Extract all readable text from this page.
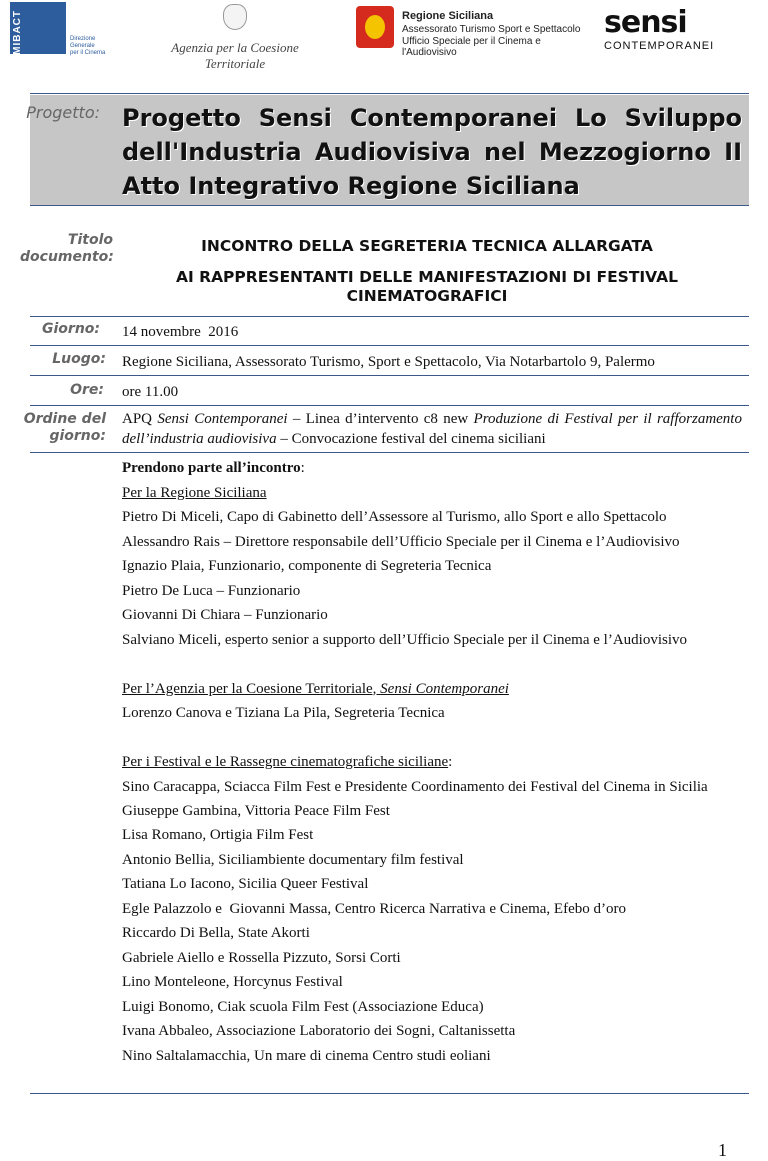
MIBACT	Direzione Generale
per il Cinema	Agenzia per la Coesione Territoriale
Regione Siciliana
Assessorato Turismo Sport e Spettacolo
Ufficio Speciale per il Cinema e l'Audiovisivo
sensi
CONTEMPORANEI
Progetto: Progetto Sensi Contemporanei Lo Sviluppo dell'Industria Audiovisiva nel Mezzogiorno II Atto Integrativo Regione Siciliana
Titolo documento:
INCONTRO DELLA SEGRETERIA TECNICA ALLARGATA
AI RAPPRESENTANTI DELLE MANIFESTAZIONI DI FESTIVAL CINEMATOGRAFICI
Giorno: 14 novembre  2016
Luogo: Regione Siciliana, Assessorato Turismo, Sport e Spettacolo, Via Notarbartolo 9, Palermo
Ore: ore 11.00
Ordine del giorno:
APQ Sensi Contemporanei – Linea d’intervento c8 new Produzione di Festival per il rafforzamento dell’industria audiovisiva – Convocazione festival del cinema siciliani
Prendono parte all’incontro:
Per la Regione Siciliana
Pietro Di Miceli, Capo di Gabinetto dell’Assessore al Turismo, allo Sport e allo Spettacolo
Alessandro Rais – Direttore responsabile dell’Ufficio Speciale per il Cinema e l’Audiovisivo
Ignazio Plaia, Funzionario, componente di Segreteria Tecnica
Pietro De Luca – Funzionario
Giovanni Di Chiara – Funzionario
Salviano Miceli, esperto senior a supporto dell’Ufficio Speciale per il Cinema e l’Audiovisivo
Per l’Agenzia per la Coesione Territoriale, Sensi Contemporanei
Lorenzo Canova e Tiziana La Pila, Segreteria Tecnica
Per i Festival e le Rassegne cinematografiche siciliane:
Sino Caracappa, Sciacca Film Fest e Presidente Coordinamento dei Festival del Cinema in Sicilia
Giuseppe Gambina, Vittoria Peace Film Fest
Lisa Romano, Ortigia Film Fest
Antonio Bellia, Siciliambiente documentary film festival
Tatiana Lo Iacono, Sicilia Queer Festival
Egle Palazzolo e  Giovanni Massa, Centro Ricerca Narrativa e Cinema, Efebo d’oro
Riccardo Di Bella, State Akorti
Gabriele Aiello e Rossella Pizzuto, Sorsi Corti
Lino Monteleone, Horcynus Festival
Luigi Bonomo, Ciak scuola Film Fest (Associazione Educa)
Ivana Abbaleo, Associazione Laboratorio dei Sogni, Caltanissetta
Nino Saltalamacchia, Un mare di cinema Centro studi eoliani
1
